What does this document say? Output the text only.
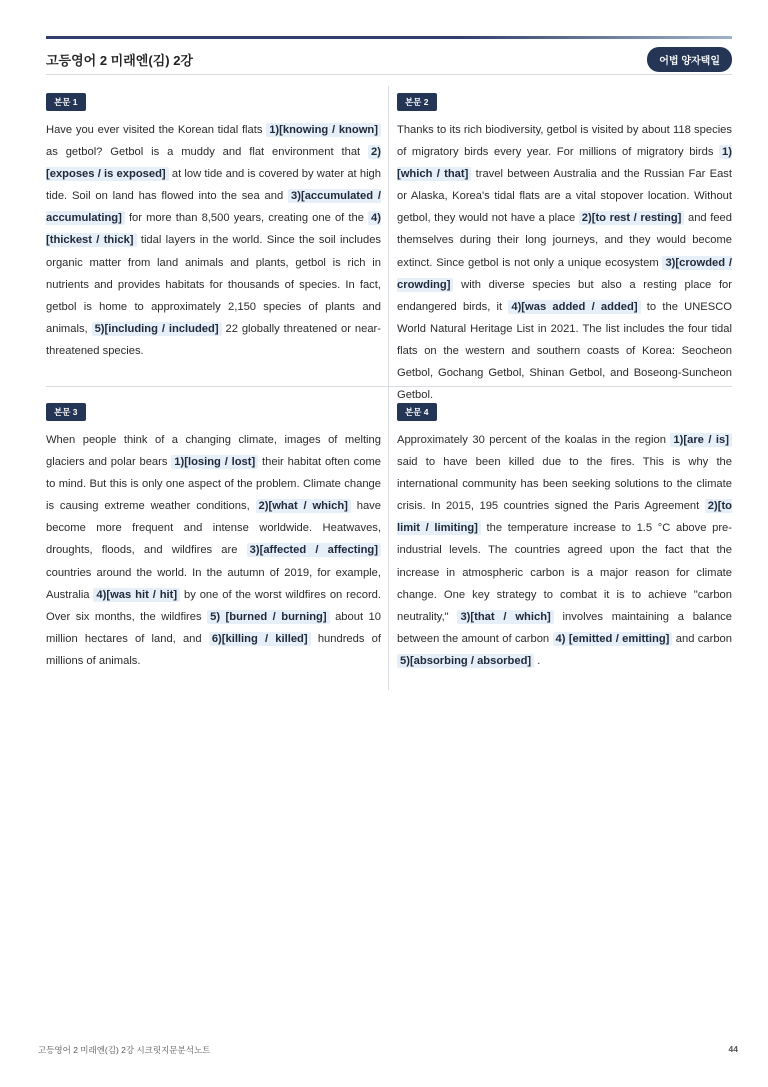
고등영어 2 미래엔(김) 2강	어법 양자택일
본문 1
Have you ever visited the Korean tidal flats 1)[knowing / known] as getbol? Getbol is a muddy and flat environment that 2)[exposes / is exposed] at low tide and is covered by water at high tide. Soil on land has flowed into the sea and 3)[accumulated / accumulating] for more than 8,500 years, creating one of the 4)[thickest / thick] tidal layers in the world. Since the soil includes organic matter from land animals and plants, getbol is rich in nutrients and provides habitats for thousands of species. In fact, getbol is home to approximately 2,150 species of plants and animals, 5)[including / included] 22 globally threatened or near-threatened species.
본문 2
Thanks to its rich biodiversity, getbol is visited by about 118 species of migratory birds every year. For millions of migratory birds 1) [which / that] travel between Australia and the Russian Far East or Alaska, Korea's tidal flats are a vital stopover location. Without getbol, they would not have a place 2)[to rest / resting] and feed themselves during their long journeys, and they would become extinct. Since getbol is not only a unique ecosystem 3)[crowded / crowding] with diverse species but also a resting place for endangered birds, it 4)[was added / added] to the UNESCO World Natural Heritage List in 2021. The list includes the four tidal flats on the western and southern coasts of Korea: Seocheon Getbol, Gochang Getbol, Shinan Getbol, and Boseong-Suncheon Getbol.
본문 3
When people think of a changing climate, images of melting glaciers and polar bears 1)[losing / lost] their habitat often come to mind. But this is only one aspect of the problem. Climate change is causing extreme weather conditions, 2)[what / which] have become more frequent and intense worldwide. Heatwaves, droughts, floods, and wildfires are 3)[affected / affecting] countries around the world. In the autumn of 2019, for example, Australia 4)[was hit / hit] by one of the worst wildfires on record. Over six months, the wildfires 5) [burned / burning] about 10 million hectares of land, and 6)[killing / killed] hundreds of millions of animals.
본문 4
Approximately 30 percent of the koalas in the region 1)[are / is] said to have been killed due to the fires. This is why the international community has been seeking solutions to the climate crisis. In 2015, 195 countries signed the Paris Agreement 2)[to limit / limiting] the temperature increase to 1.5 °C above pre-industrial levels. The countries agreed upon the fact that the increase in atmospheric carbon is a major reason for climate change. One key strategy to combat it is to achieve "carbon neutrality," 3)[that / which] involves maintaining a balance between the amount of carbon 4) [emitted / emitting] and carbon 5)[absorbing / absorbed] .
고등영어 2 미래엔(김) 2강 시크릿지문분석노트	44
